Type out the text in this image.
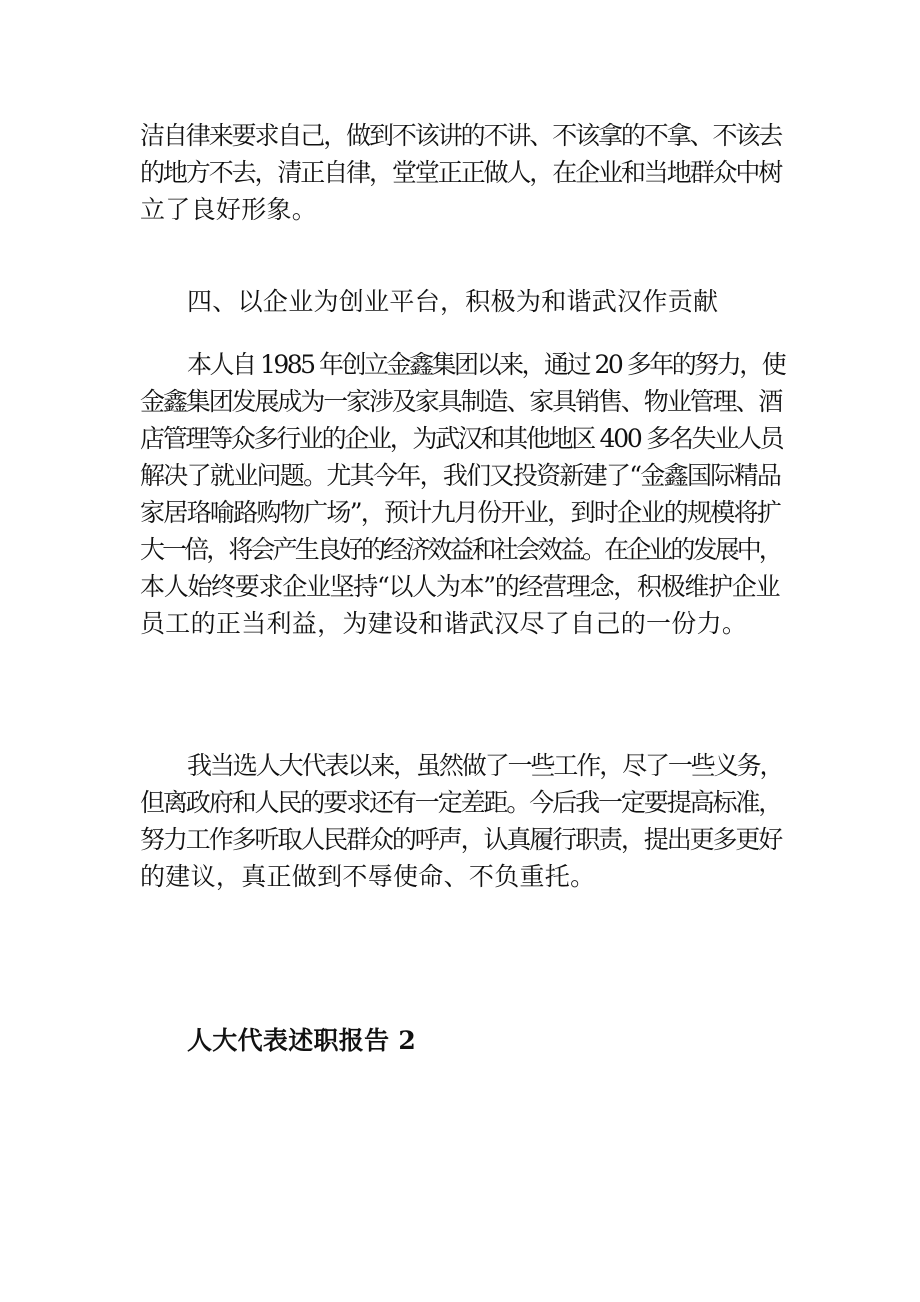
洁自律来要求自己，做到不该讲的不讲、不该拿的不拿、不该去
的地方不去，清正自律，堂堂正正做人，在企业和当地群众中树
立了良好形象。
四、以企业为创业平台，积极为和谐武汉作贡献
本人自 1985 年创立金鑫集团以来，通过 20 多年的努力，使
金鑫集团发展成为一家涉及家具制造、家具销售、物业管理、酒
店管理等众多行业的企业，为武汉和其他地区 400 多名失业人员
解决了就业问题。尤其今年，我们又投资新建了“金鑫国际精品
家居珞喻路购物广场”，预计九月份开业，到时企业的规模将扩
大一倍，将会产生良好的经济效益和社会效益。在企业的发展中，
本人始终要求企业坚持“以人为本”的经营理念，积极维护企业
员工的正当利益，为建设和谐武汉尽了自己的一份力。
我当选人大代表以来，虽然做了一些工作，尽了一些义务，
但离政府和人民的要求还有一定差距。今后我一定要提高标准，
努力工作多听取人民群众的呼声，认真履行职责，提出更多更好
的建议，真正做到不辱使命、不负重托。
人大代表述职报告 2
